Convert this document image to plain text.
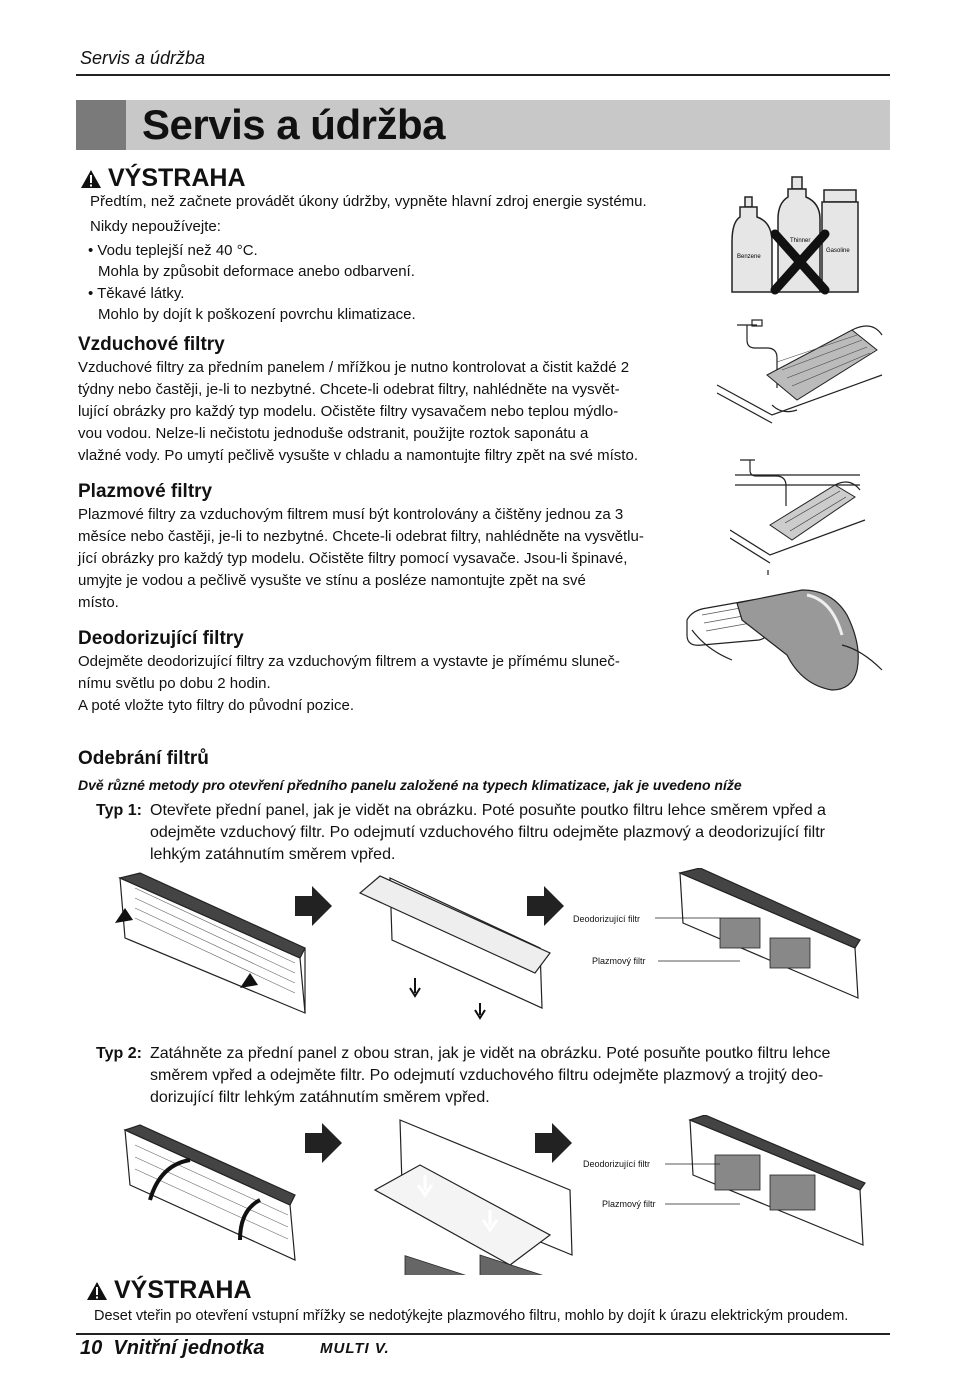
Servis a údržba
Servis a údržba
VÝSTRAHA
Předtím, než začnete provádět úkony údržby, vypněte hlavní zdroj energie systému.
Nikdy nepoužívejte:
• Vodu teplejší než 40 °C.
Mohla by způsobit deformace anebo odbarvení.
• Těkavé látky.
Mohlo by dojít k poškození povrchu klimatizace.
Benzene
Thinner
Gasoline
Vzduchové filtry
Vzduchové filtry za předním panelem / mřížkou je nutno kontrolovat a čistit každé 2
týdny nebo častěji, je-li to nezbytné. Chcete-li odebrat filtry, nahlédněte na vysvět-
lující obrázky pro každý typ modelu. Očistěte filtry vysavačem nebo teplou mýdlo-
vou vodou. Nelze-li nečistotu jednoduše odstranit, použijte roztok saponátu a
vlažné vody. Po umytí pečlivě vysušte v chladu a namontujte filtry zpět na své místo.
Plazmové filtry
Plazmové filtry za vzduchovým filtrem musí být kontrolovány a čištěny jednou za 3
měsíce nebo častěji, je-li to nezbytné. Chcete-li odebrat filtry, nahlédněte na vysvětlu-
jící obrázky pro každý typ modelu. Očistěte filtry pomocí vysavače. Jsou-li špinavé,
umyjte je vodou a pečlivě vysušte ve stínu a posléze namontujte zpět na své
místo.
Deodorizující filtry
Odejměte deodorizující filtry za vzduchovým filtrem a vystavte je přímému sluneč-
nímu světlu po dobu 2 hodin.
A poté vložte tyto filtry do původní pozice.
Odebrání filtrů
Dvě různé metody pro otevření předního panelu založené na typech klimatizace, jak je uvedeno níže
Typ 1: Otevřete přední panel, jak je vidět na obrázku. Poté posuňte poutko filtru lehce směrem vpřed a
odejměte vzduchový filtr. Po odejmutí vzduchového filtru odejměte plazmový a deodorizující filtr
lehkým zatáhnutím směrem vpřed.
Deodorizující filtr
Plazmový filtr
Typ 2: Zatáhněte za přední panel z obou stran, jak je vidět na obrázku. Poté posuňte poutko filtru lehce
směrem vpřed a odejměte filtr. Po odejmutí vzduchového filtru odejměte plazmový a trojitý deo-
dorizující filtr lehkým zatáhnutím směrem vpřed.
Deodorizující filtr
Plazmový filtr
VÝSTRAHA
Deset vteřin po otevření vstupní mřížky se nedotýkejte plazmového filtru, mohlo by dojít k úrazu elektrickým proudem.
10 Vnitřní jednotka	MULTI V.
